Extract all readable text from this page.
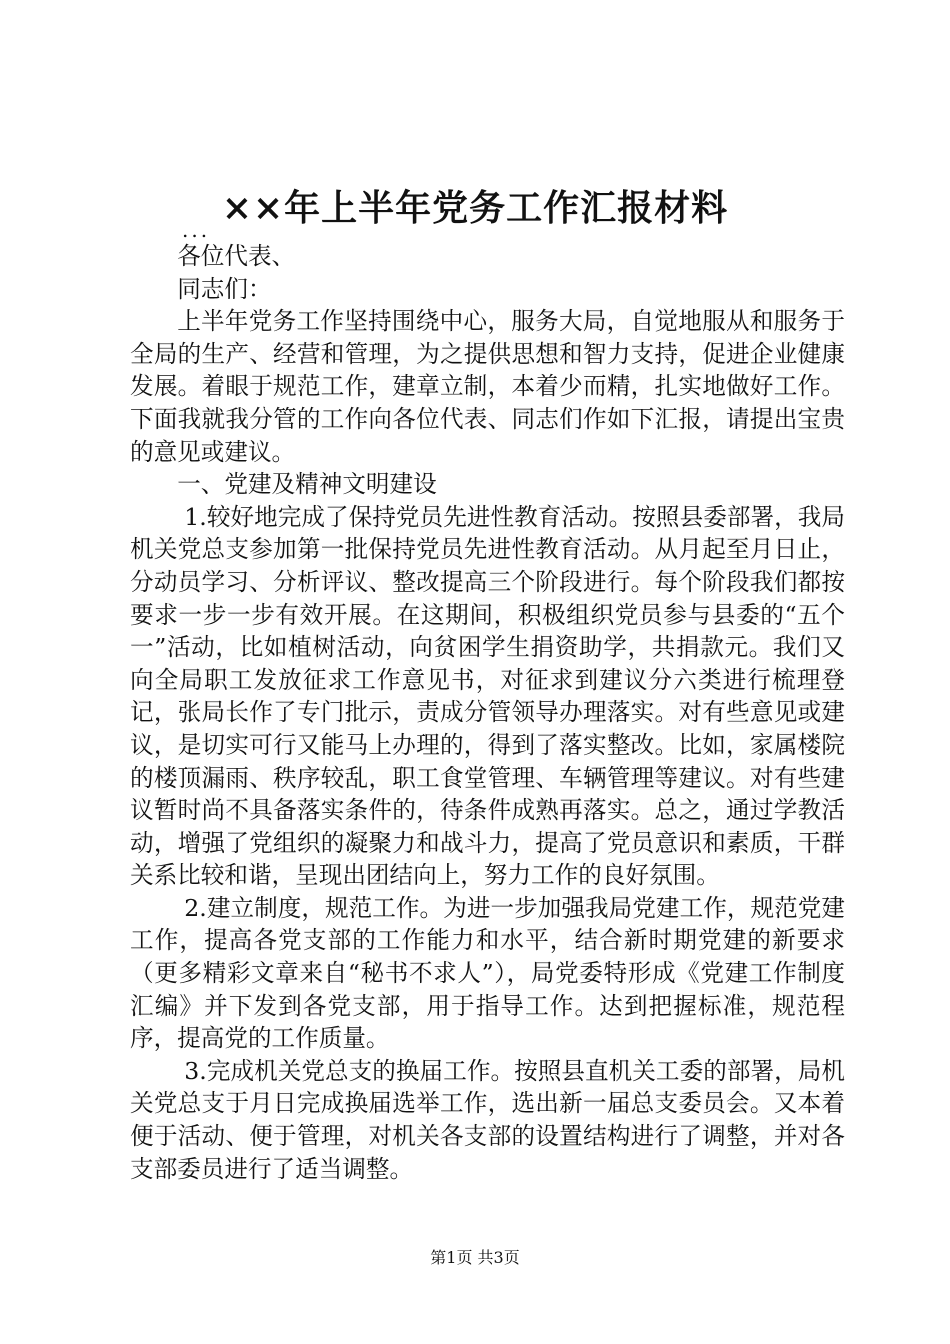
××年上半年党务工作汇报材料
...

各位代表、

同志们：

上半年党务工作坚持围绕中心，服务大局，自觉地服从和服务于全局的生产、经营和管理，为之提供思想和智力支持，促进企业健康发展。着眼于规范工作，建章立制，本着少而精，扎实地做好工作。下面我就我分管的工作向各位代表、同志们作如下汇报，请提出宝贵的意见或建议。

一、党建及精神文明建设

1.较好地完成了保持党员先进性教育活动。按照县委部署，我局机关党总支参加第一批保持党员先进性教育活动。从月起至月日止，分动员学习、分析评议、整改提高三个阶段进行。每个阶段我们都按要求一步一步有效开展。在这期间，积极组织党员参与县委的“五个一”活动，比如植树活动，向贫困学生捐资助学，共捐款元。我们又向全局职工发放征求工作意见书，对征求到建议分六类进行梳理登记，张局长作了专门批示，责成分管领导办理落实。对有些意见或建议，是切实可行又能马上办理的，得到了落实整改。比如，家属楼院的楼顶漏雨、秩序较乱，职工食堂管理、车辆管理等建议。对有些建议暂时尚不具备落实条件的，待条件成熟再落实。总之，通过学教活动，增强了党组织的凝聚力和战斗力，提高了党员意识和素质，干群关系比较和谐，呈现出团结向上，努力工作的良好氛围。

2.建立制度，规范工作。为进一步加强我局党建工作，规范党建工作，提高各党支部的工作能力和水平，结合新时期党建的新要求（更多精彩文章来自“秘书不求人”），局党委特形成《党建工作制度汇编》并下发到各党支部，用于指导工作。达到把握标准，规范程序，提高党的工作质量。

3.完成机关党总支的换届工作。按照县直机关工委的部署，局机关党总支于月日完成换届选举工作，选出新一届总支委员会。又本着便于活动、便于管理，对机关各支部的设置结构进行了调整，并对各支部委员进行了适当调整。

第1页 共3页
